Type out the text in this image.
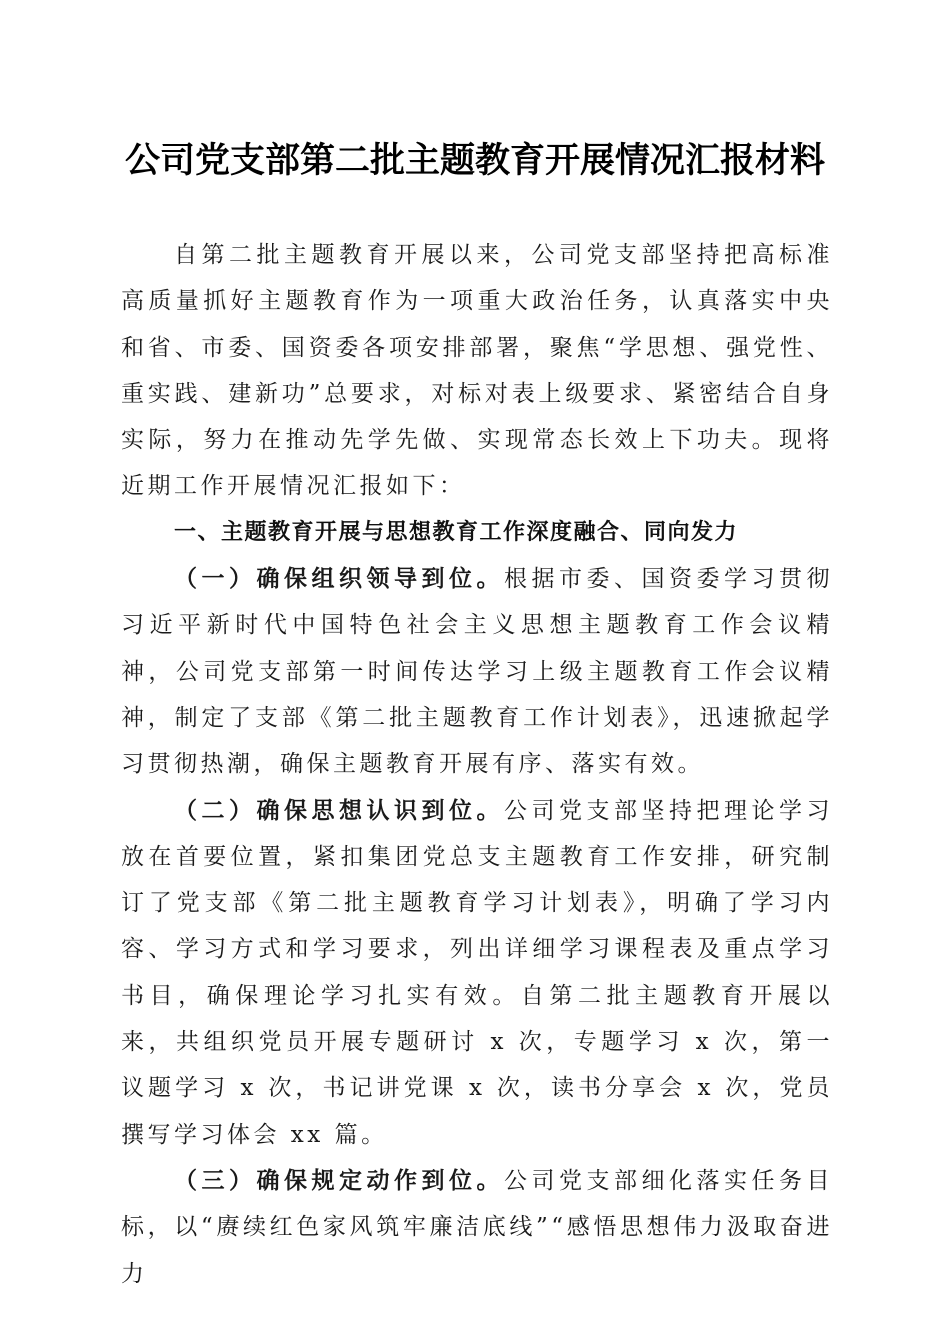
公司党支部第二批主题教育开展情况汇报材料

自第二批主题教育开展以来，公司党支部坚持把高标准高质量抓好主题教育作为一项重大政治任务，认真落实中央和省、市委、国资委各项安排部署，聚焦“学思想、强党性、重实践、建新功”总要求，对标对表上级要求、紧密结合自身实际，努力在推动先学先做、实现常态长效上下功夫。现将近期工作开展情况汇报如下：

一、主题教育开展与思想教育工作深度融合、同向发力

（一）确保组织领导到位。根据市委、国资委学习贯彻习近平新时代中国特色社会主义思想主题教育工作会议精神，公司党支部第一时间传达学习上级主题教育工作会议精神，制定了支部《第二批主题教育工作计划表》，迅速掀起学习贯彻热潮，确保主题教育开展有序、落实有效。

（二）确保思想认识到位。公司党支部坚持把理论学习放在首要位置，紧扣集团党总支主题教育工作安排，研究制订了党支部《第二批主题教育学习计划表》，明确了学习内容、学习方式和学习要求，列出详细学习课程表及重点学习书目，确保理论学习扎实有效。自第二批主题教育开展以来，共组织党员开展专题研讨 x 次，专题学习 x 次，第一议题学习 x 次，书记讲党课 x 次，读书分享会 x 次，党员撰写学习体会 xx 篇。

（三）确保规定动作到位。公司党支部细化落实任务目标，以“赓续红色家风筑牢廉洁底线”“感悟思想伟力汲取奋进力
